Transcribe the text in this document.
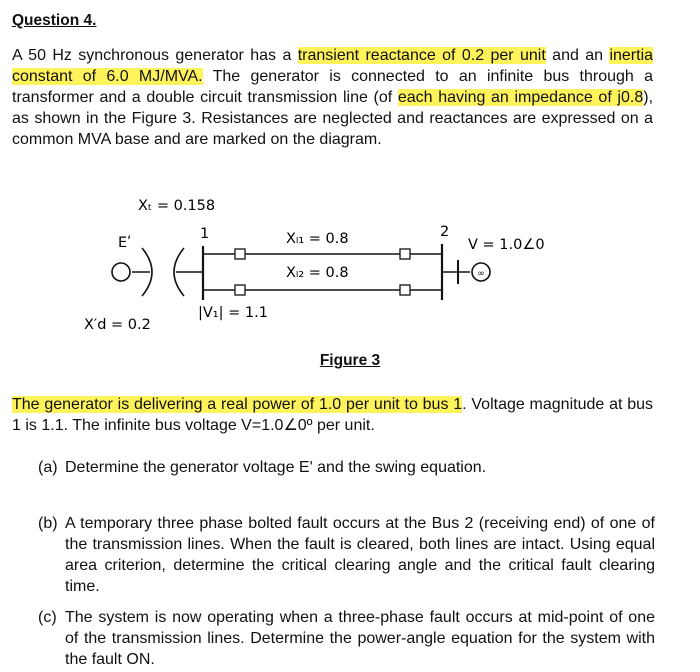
Question 4.

A 50 Hz synchronous generator has a transient reactance of 0.2 per unit and an inertia constant of 6.0 MJ/MVA. The generator is connected to an infinite bus through a transformer and a double circuit transmission line (of each having an impedance of j0.8), as shown in the Figure 3. Resistances are neglected and reactances are expressed on a common MVA base and are marked on the diagram.

Xₜ = 0.158
Eʹ
1	2
Xₗ₁ = 0.8
Xₗ₂ = 0.8
V = 1.0∠0
X′d = 0.2
|V₁| = 1.1
∞
Figure 3

The generator is delivering a real power of 1.0 per unit to bus 1. Voltage magnitude at bus 1 is 1.1. The infinite bus voltage V=1.0∠0º per unit.

(a) Determine the generator voltage Eʹ and the swing equation.
(b) A temporary three phase bolted fault occurs at the Bus 2 (receiving end) of one of the transmission lines. When the fault is cleared, both lines are intact. Using equal area criterion, determine the critical clearing angle and the critical fault clearing time.
(c) The system is now operating when a three-phase fault occurs at mid-point of one of the transmission lines. Determine the power-angle equation for the system with the fault ON.
